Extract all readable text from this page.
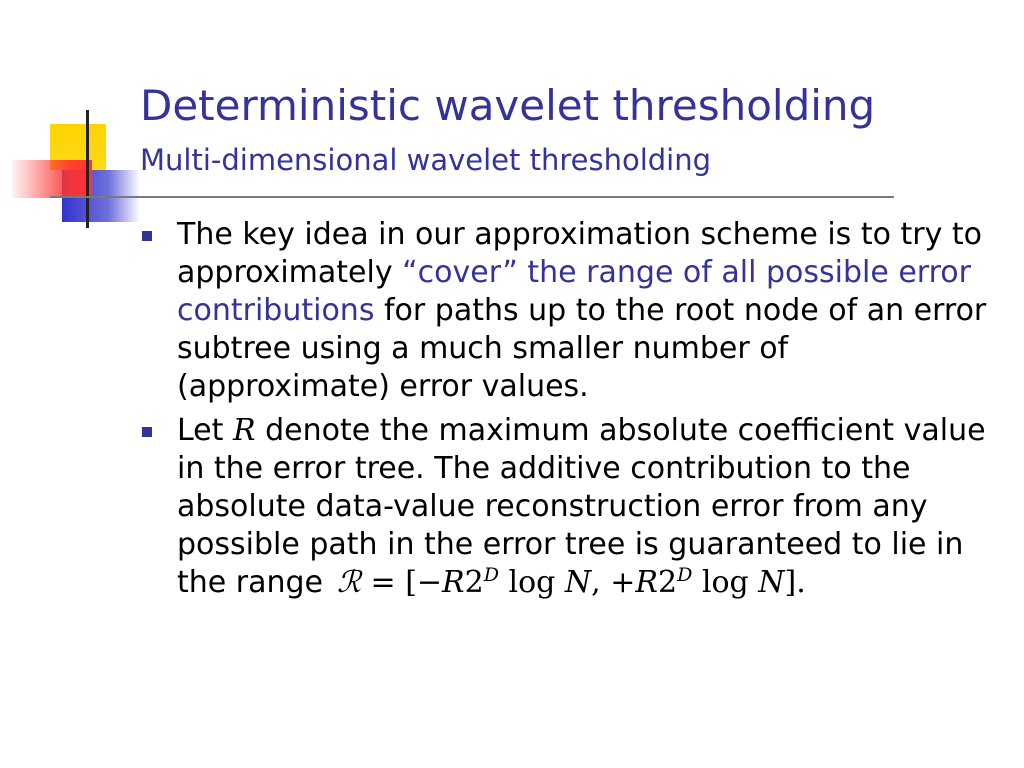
Deterministic wavelet thresholding
Multi-dimensional wavelet thresholding
The key idea in our approximation scheme is to try to approximately “cover” the range of all possible error contributions for paths up to the root node of an error subtree using a much smaller number of (approximate) error values.
Let R denote the maximum absolute coefficient value in the error tree. The additive contribution to the absolute data-value reconstruction error from any possible path in the error tree is guaranteed to lie in the range ℛ = [$-R2^D$ log N, $+R2^D$ log N].
